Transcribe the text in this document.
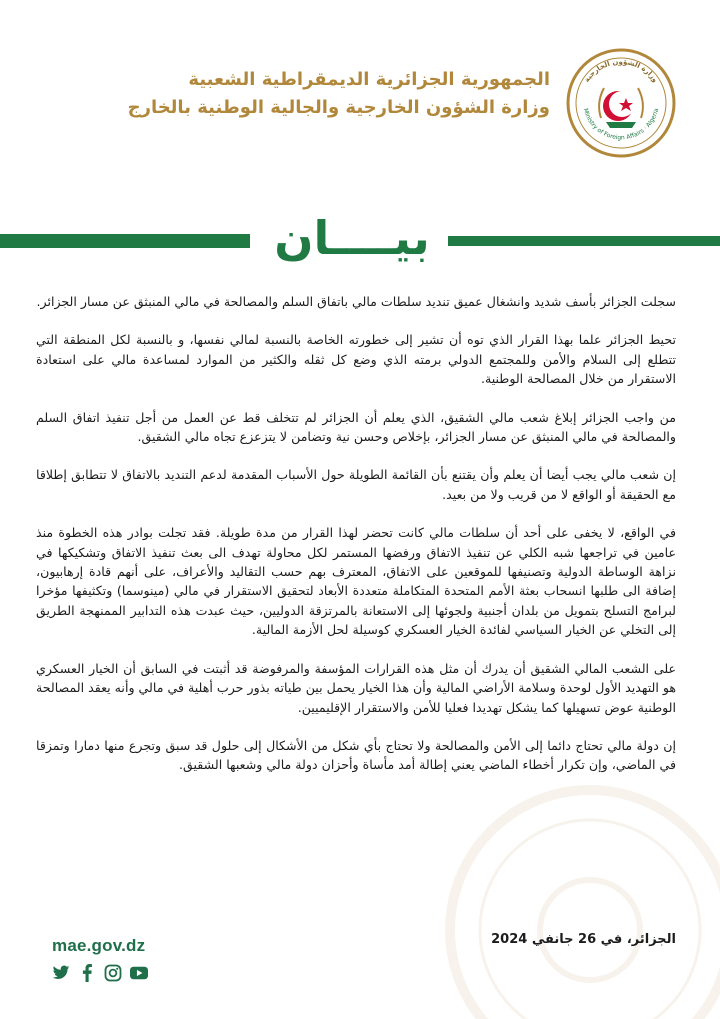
الجمهورية الجزائرية الديمقراطية الشعبية
وزارة الشؤون الخارجية والجالية الوطنية بالخارج
وزارة الشؤون الخارجية
Ministry of Foreign Affairs · Algeria
بيــــان

سجلت الجزائر بأسف شديد وانشغال عميق تنديد سلطات مالي باتفاق السلم والمصالحة في مالي المنبثق عن مسار الجزائر.

تحيط الجزائر علما بهذا القرار الذي توه أن تشير إلى خطورته الخاصة بالنسبة لمالي نفسها، و بالنسبة لكل المنطقة التي تتطلع إلى السلام والأمن وللمجتمع الدولي برمته الذي وضع كل ثقله والكثير من الموارد لمساعدة مالي على استعادة الاستقرار من خلال المصالحة الوطنية.

من واجب الجزائر إبلاغ شعب مالي الشقيق، الذي يعلم أن الجزائر لم تتخلف قط عن العمل من أجل تنفيذ اتفاق السلم والمصالحة في مالي المنبثق عن مسار الجزائر، بإخلاص وحسن نية وتضامن لا يتزعزع تجاه مالي الشقيق.

إن شعب مالي يجب أيضا أن يعلم وأن يقتنع بأن القائمة الطويلة حول الأسباب المقدمة لدعم التنديد بالاتفاق لا تتطابق إطلاقا مع الحقيقة أو الواقع لا من قريب ولا من بعيد.

في الواقع، لا يخفى على أحد أن سلطات مالي كانت تحضر لهذا القرار من مدة طويلة. فقد تجلت بوادر هذه الخطوة منذ عامين في تراجعها شبه الكلي عن تنفيذ الاتفاق ورفضها المستمر لكل محاولة تهدف الى بعث تنفيذ الاتفاق وتشكيكها في نزاهة الوساطة الدولية وتصنيفها للموقعين على الاتفاق، المعترف بهم حسب التقاليد والأعراف، على أنهم قادة إرهابيون، إضافة الى طلبها انسحاب بعثة الأمم المتحدة المتكاملة متعددة الأبعاد لتحقيق الاستقرار في مالي (مينوسما) وتكثيفها مؤخرا لبرامج التسلح بتمويل من بلدان أجنبية ولجوئها إلى الاستعانة بالمرتزقة الدوليين، حيث عبدت هذه التدابير الممنهجة الطريق إلى التخلي عن الخيار السياسي لفائدة الخيار العسكري كوسيلة لحل الأزمة المالية.

على الشعب المالي الشقيق أن يدرك أن مثل هذه القرارات المؤسفة والمرفوضة قد أثبتت في السابق أن الخيار العسكري هو التهديد الأول لوحدة وسلامة الأراضي المالية وأن هذا الخيار يحمل بين طياته بذور حرب أهلية في مالي وأنه يعقد المصالحة الوطنية عوض تسهيلها كما يشكل تهديدا فعليا للأمن والاستقرار الإقليميين.

إن دولة مالي تحتاج دائما إلى الأمن والمصالحة ولا تحتاج بأي شكل من الأشكال إلى حلول قد سبق وتجرع منها دمارا وتمزقا في الماضي، وإن تكرار أخطاء الماضي يعني إطالة أمد مأساة وأحزان دولة مالي وشعبها الشقيق.

الجزائر، في 26 جانفي 2024
mae.gov.dz
